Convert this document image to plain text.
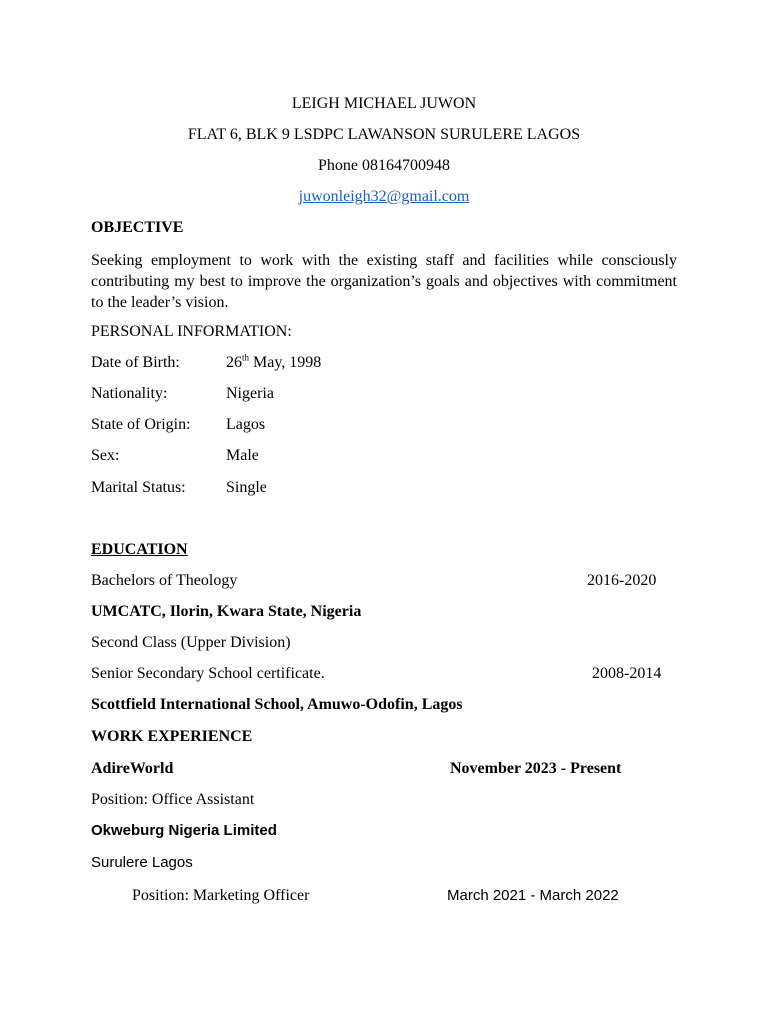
LEIGH MICHAEL JUWON
FLAT 6, BLK 9 LSDPC LAWANSON SURULERE LAGOS
Phone 08164700948
juwonleigh32@gmail.com
OBJECTIVE
Seeking employment to work with the existing staff and facilities while consciously contributing my best to improve the organization’s goals and objectives with commitment to the leader’s vision.
PERSONAL INFORMATION:
Date of Birth:	26th May, 1998
Nationality:	Nigeria
State of Origin: Lagos
Sex:	Male
Marital Status:	Single
EDUCATION
Bachelors of Theology	2016-2020
UMCATC, Ilorin, Kwara State, Nigeria
Second Class (Upper Division)
Senior Secondary School certificate.	2008-2014
Scottfield International School, Amuwo-Odofin, Lagos
WORK EXPERIENCE
AdireWorld	November 2023 - Present
Position: Office Assistant
Okweburg Nigeria Limited
Surulere Lagos
Position: Marketing Officer	March 2021 - March 2022
